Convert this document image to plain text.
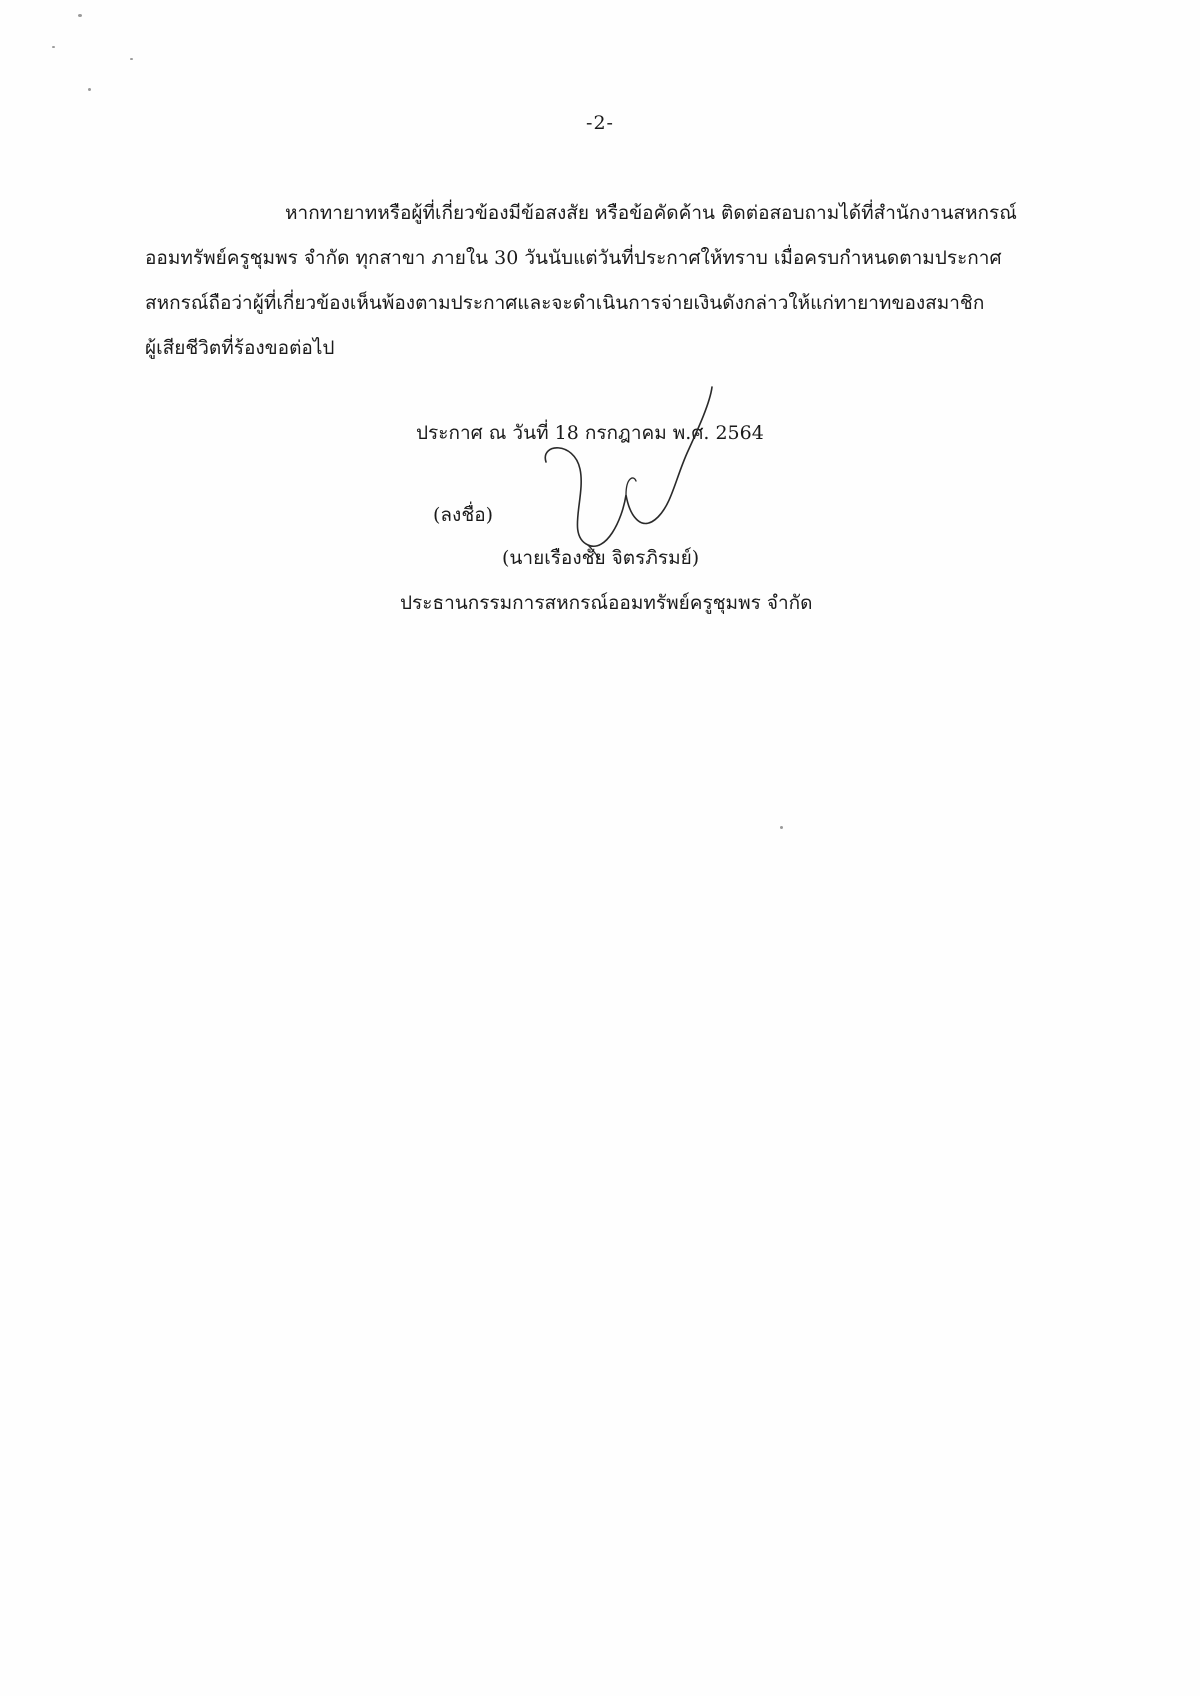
-2-
หากทายาทหรือผู้ที่เกี่ยวข้องมีข้อสงสัย หรือข้อคัดค้าน ติดต่อสอบถามได้ที่สำนักงานสหกรณ์
ออมทรัพย์ครูชุมพร จำกัด ทุกสาขา ภายใน 30 วันนับแต่วันที่ประกาศให้ทราบ เมื่อครบกำหนดตามประกาศ
สหกรณ์ถือว่าผู้ที่เกี่ยวข้องเห็นพ้องตามประกาศและจะดำเนินการจ่ายเงินดังกล่าวให้แก่ทายาทของสมาชิก
ผู้เสียชีวิตที่ร้องขอต่อไป
ประกาศ ณ วันที่ 18 กรกฎาคม พ.ศ. 2564
(ลงชื่อ)
(นายเรืองชัย จิตรภิรมย์)
ประธานกรรมการสหกรณ์ออมทรัพย์ครูชุมพร จำกัด
